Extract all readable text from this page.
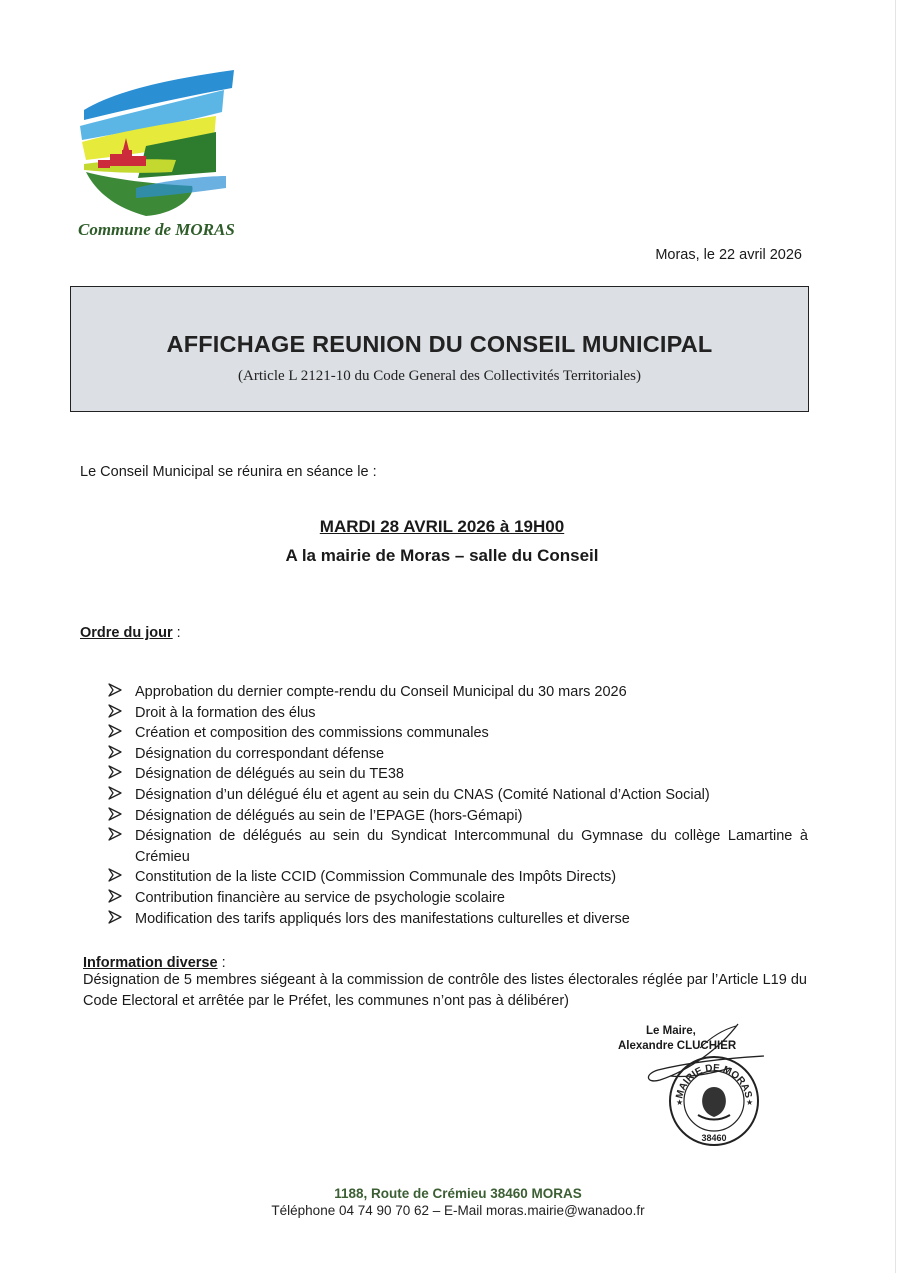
Commune de MORAS
Moras, le 22 avril 2026
AFFICHAGE REUNION DU CONSEIL MUNICIPAL
(Article L 2121-10 du Code General des Collectivités Territoriales)
Le Conseil Municipal se réunira en séance le :
MARDI 28 AVRIL 2026 à 19H00
A la mairie de Moras – salle du Conseil
Ordre du jour :
Approbation du dernier compte-rendu du Conseil Municipal du 30 mars 2026
Droit à la formation des élus
Création et composition des commissions communales
Désignation du correspondant défense
Désignation de délégués au sein du TE38
Désignation d’un délégué élu et agent au sein du CNAS (Comité National d’Action Social)
Désignation de délégués au sein de l’EPAGE (hors-Gémapi)
Désignation de délégués au sein du Syndicat Intercommunal du Gymnase du collège Lamartine à Crémieu
Constitution de la liste CCID (Commission Communale des Impôts Directs)
Contribution financière au service de psychologie scolaire
Modification des tarifs appliqués lors des manifestations culturelles et diverse
Information diverse :
Désignation de 5 membres siégeant à la commission de contrôle des listes électorales réglée par l’Article L19 du Code Electoral et arrêtée par le Préfet, les communes n’ont pas à délibérer)
Le Maire,
Alexandre CLUCHIER
MAIRIE DE MORAS
38460
★	★
1188, Route de Crémieu 38460 MORAS
Téléphone 04 74 90 70 62 – E-Mail moras.mairie@wanadoo.fr
